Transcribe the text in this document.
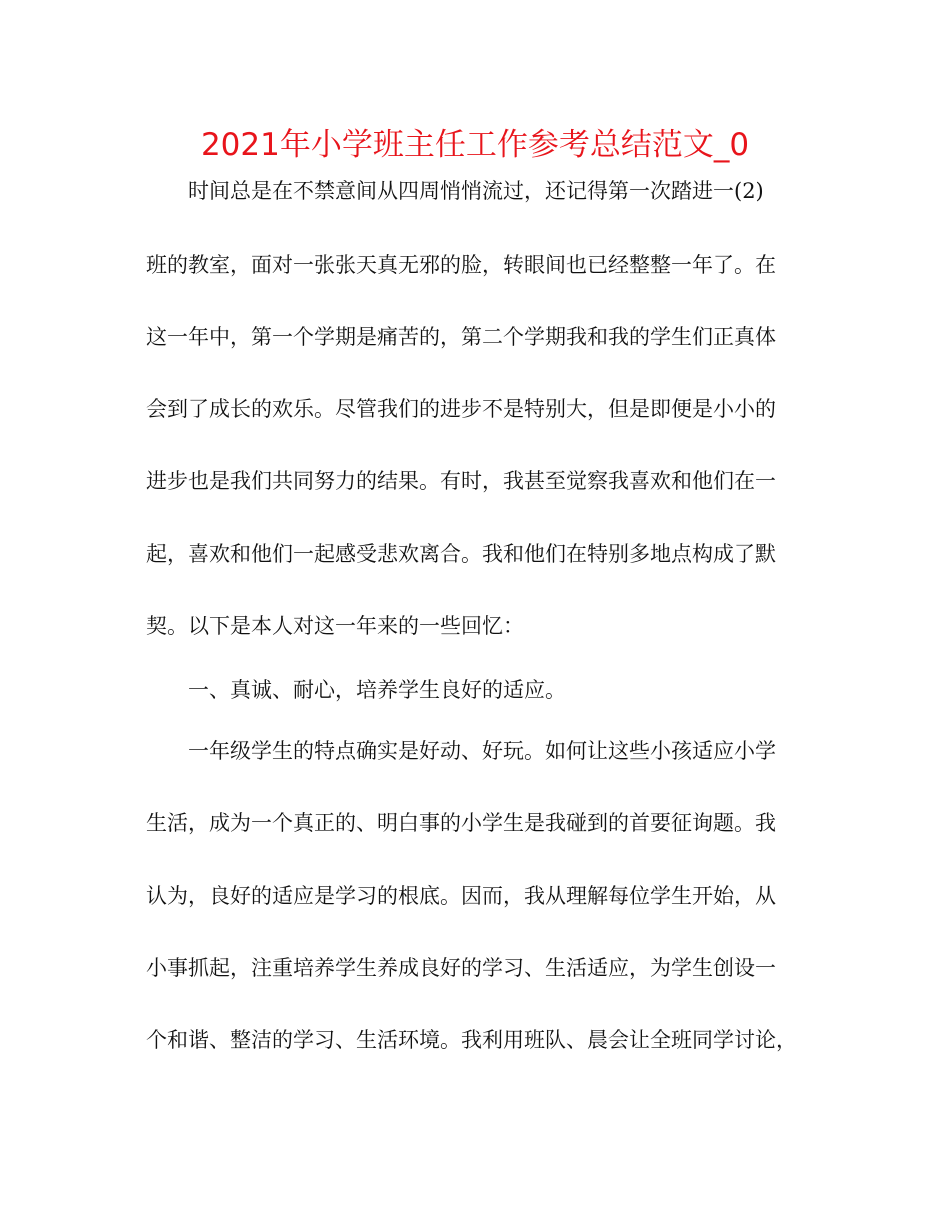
2021年小学班主任工作参考总结范文_0
时间总是在不禁意间从四周悄悄流过，还记得第一次踏进一(2)
班的教室，面对一张张天真无邪的脸，转眼间也已经整整一年了。在
这一年中，第一个学期是痛苦的，第二个学期我和我的学生们正真体
会到了成长的欢乐。尽管我们的进步不是特别大，但是即便是小小的
进步也是我们共同努力的结果。有时，我甚至觉察我喜欢和他们在一
起，喜欢和他们一起感受悲欢离合。我和他们在特别多地点构成了默
契。以下是本人对这一年来的一些回忆：
一、真诚、耐心，培养学生良好的适应。
一年级学生的特点确实是好动、好玩。如何让这些小孩适应小学
生活，成为一个真正的、明白事的小学生是我碰到的首要征询题。我
认为，良好的适应是学习的根底。因而，我从理解每位学生开始，从
小事抓起，注重培养学生养成良好的学习、生活适应，为学生创设一
个和谐、整洁的学习、生活环境。我利用班队、晨会让全班同学讨论，
